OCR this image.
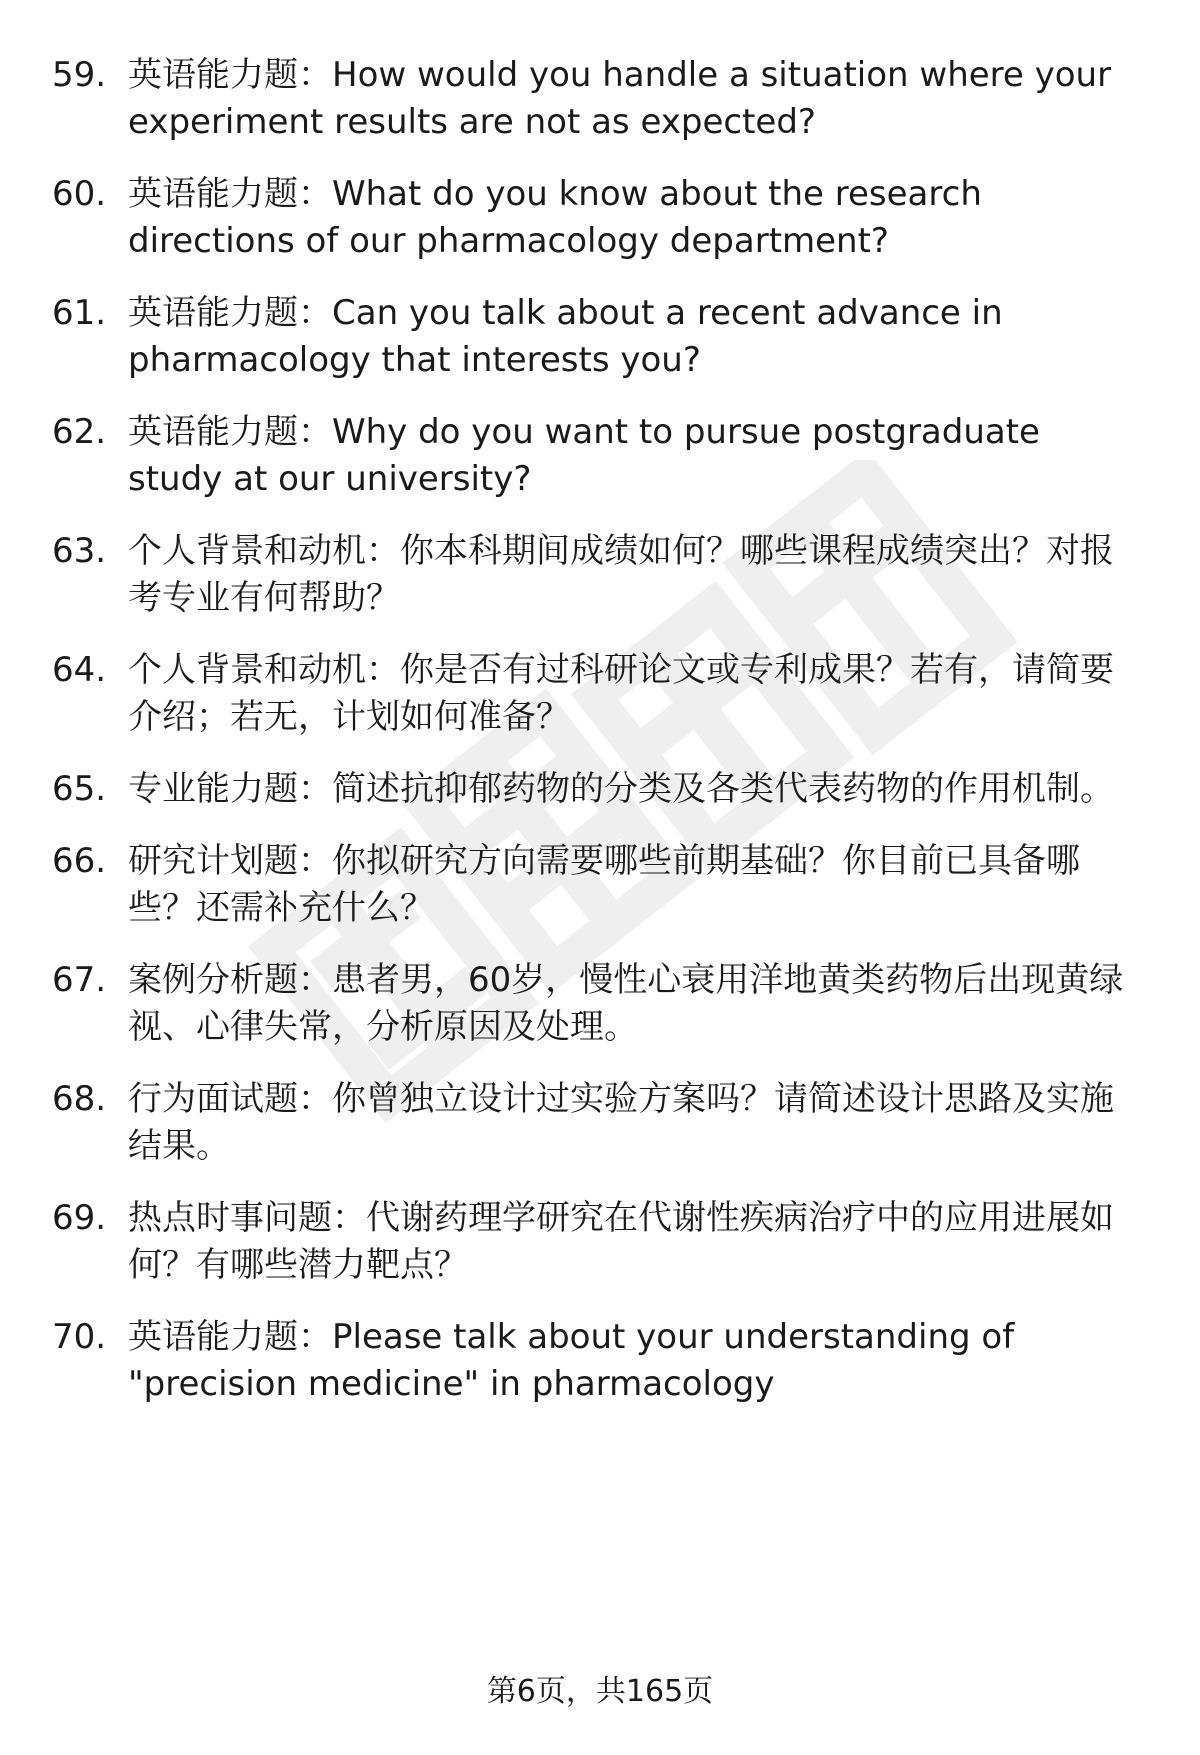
59. 英语能力题：How would you handle a situation where your experiment results are not as expected?
60. 英语能力题：What do you know about the research directions of our pharmacology department?
61. 英语能力题：Can you talk about a recent advance in pharmacology that interests you?
62. 英语能力题：Why do you want to pursue postgraduate study at our university?
63. 个人背景和动机：你本科期间成绩如何？哪些课程成绩突出？对报考专业有何帮助？
64. 个人背景和动机：你是否有过科研论文或专利成果？若有，请简要介绍；若无，计划如何准备？
65. 专业能力题：简述抗抑郁药物的分类及各类代表药物的作用机制。
66. 研究计划题：你拟研究方向需要哪些前期基础？你目前已具备哪些？还需补充什么？
67. 案例分析题：患者男，60岁，慢性心衰用洋地黄类药物后出现黄绿视、心律失常，分析原因及处理。
68. 行为面试题：你曾独立设计过实验方案吗？请简述设计思路及实施结果。
69. 热点时事问题：代谢药理学研究在代谢性疾病治疗中的应用进展如何？有哪些潜力靶点？
70. 英语能力题：Please talk about your understanding of "precision medicine" in pharmacology
第6页，共165页
